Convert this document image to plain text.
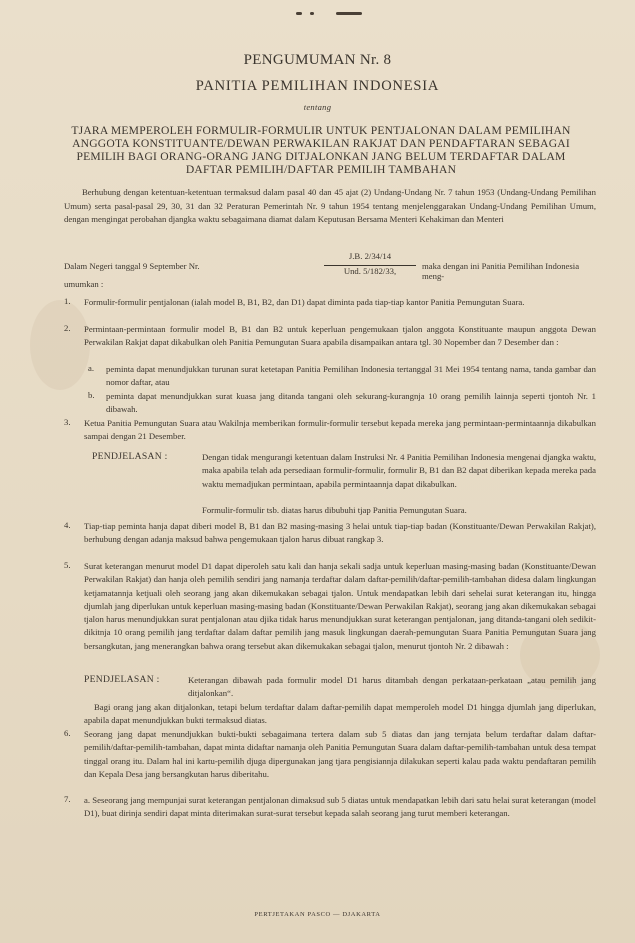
PENGUMUMAN Nr. 8
PANITIA PEMILIHAN INDONESIA
tentang
TJARA MEMPEROLEH FORMULIR-FORMULIR UNTUK PENTJALONAN DALAM PEMILIHAN ANGGOTA KONSTITUANTE/DEWAN PERWAKILAN RAKJAT DAN PENDAFTARAN SEBAGAI PEMILIH BAGI ORANG-ORANG JANG DITJALONKAN JANG BELUM TERDAFTAR DALAM DAFTAR PEMILIH/DAFTAR PEMILIH TAMBAHAN
Berhubung dengan ketentuan-ketentuan termaksud dalam pasal 40 dan 45 ajat (2) Undang-Undang Nr. 7 tahun 1953 (Undang-Undang Pemilihan Umum) serta pasal-pasal 29, 30, 31 dan 32 Peraturan Pemerintah Nr. 9 tahun 1954 tentang menjelenggarakan Undang-Undang Pemilihan Umum, dengan mengingat perobahan djangka waktu sebagaimana diamat dalam Keputusan Bersama Menteri Kehakiman dan Menteri
Dalam Negeri tanggal 9 September Nr.
J.B. 2/34/14
Und. 5/182/33,	maka dengan ini Panitia Pemilihan Indonesia meng-
umumkan :
1. Formulir-formulir pentjalonan (ialah model B, B1, B2, dan D1) dapat diminta pada tiap-tiap kantor Panitia Pemungutan Suara.
2. Permintaan-permintaan formulir model B, B1 dan B2 untuk keperluan pengemukaan tjalon anggota Konstituante maupun anggota Dewan Perwakilan Rakjat dapat dikabulkan oleh Panitia Pemungutan Suara apabila disampaikan antara tgl. 30 Nopember dan 7 Desember dan :
a. peminta dapat menundjukkan turunan surat ketetapan Panitia Pemilihan Indonesia tertanggal 31 Mei 1954 tentang nama, tanda gambar dan nomor daftar, atau
b. peminta dapat menundjukkan surat kuasa jang ditanda tangani oleh sekurang-kurangnja 10 orang pemilih lainnja seperti tjontoh Nr. 1 dibawah.
3. Ketua Panitia Pemungutan Suara atau Wakilnja memberikan formulir-formulir tersebut kepada mereka jang permintaan-permintaannja dikabulkan sampai dengan 21 Desember.
PENDJELASAN :	Dengan tidak mengurangi ketentuan dalam Instruksi Nr. 4 Panitia Pemilihan Indonesia mengenai djangka waktu, maka apabila telah ada persediaan formulir-formulir, formulir B, B1 dan B2 dapat diberikan kepada mereka pada waktu memadjukan permintaan, apabila permintaannja dapat dikabulkan.
Formulir-formulir tsb. diatas harus dibubuhi tjap Panitia Pemungutan Suara.
4. Tiap-tiap peminta hanja dapat diberi model B, B1 dan B2 masing-masing 3 helai untuk tiap-tiap badan (Konstituante/Dewan Perwakilan Rakjat), berhubung dengan adanja maksud bahwa pengemukaan tjalon harus dibuat rangkap 3.
5. Surat keterangan menurut model D1 dapat diperoleh satu kali dan hanja sekali sadja untuk keperluan masing-masing badan (Konstituante/Dewan Perwakilan Rakjat) dan hanja oleh pemilih sendiri jang namanja terdaftar dalam daftar-pemilih/daftar-pemilih-tambahan didesa dalam lingkungan ketjamatannja ketjuali oleh seorang jang akan dikemukakan sebagai tjalon. Untuk mendapatkan lebih dari sehelai surat keterangan itu, hingga djumlah jang diperlukan untuk keperluan masing-masing badan (Konstituante/Dewan Perwakilan Rakjat), seorang jang akan dikemukakan sebagai tjalon harus menundjukkan surat pentjalonan atau djika tidak harus menundjukkan surat keterangan pentjalonan, jang ditanda-tangani oleh sedikit-dikitnja 10 orang pemilih jang terdaftar dalam daftar pemilih jang masuk lingkungan daerah-pemungutan Suara Panitia Pemungutan Suara jang bersangkutan, jang menerangkan bahwa orang tersebut akan dikemukakan sebagai tjalon, menurut tjontoh Nr. 2 dibawah :
PENDJELASAN :	Keterangan dibawah pada formulir model D1 harus ditambah dengan perkataan-perkataan „atau pemilih jang ditjalonkan“.
Bagi orang jang akan ditjalonkan, tetapi belum terdaftar dalam daftar-pemilih dapat memperoleh model D1 hingga djumlah jang diperlukan, apabila dapat menundjukkan bukti termaksud diatas.
6. Seorang jang dapat menundjukkan bukti-bukti sebagaimana tertera dalam sub 5 diatas dan jang ternjata belum terdaftar dalam daftar-pemilih/daftar-pemilih-tambahan, dapat minta didaftar namanja oleh Panitia Pemungutan Suara dalam daftar-pemilih-tambahan untuk desa tempat tinggal orang itu. Dalam hal ini kartu-pemilih djuga dipergunakan jang tjara pengisiannja dilakukan seperti kalau pada waktu pendaftaran pemilih dan Kepala Desa jang bersangkutan harus diberitahu.
7. a. Seseorang jang mempunjai surat keterangan pentjalonan dimaksud sub 5 diatas untuk mendapatkan lebih dari satu helai surat keterangan (model D1), buat dirinja sendiri dapat minta diterimakan surat-surat tersebut kepada salah seorang jang turut memberi keterangan.
PERTJETAKAN PASCO — DJAKARTA
